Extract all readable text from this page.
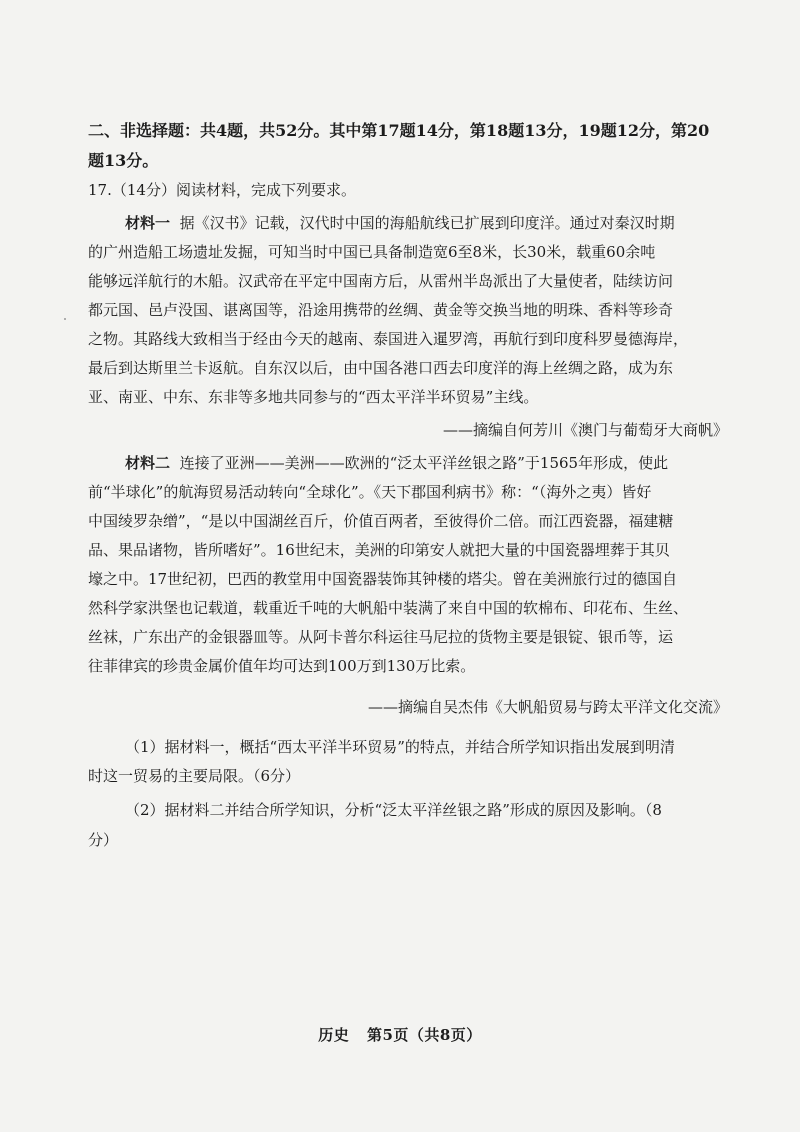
二、非选择题：共4题，共52分。其中第17题14分，第18题13分，19题12分，第20
题13分。
17.（14分）阅读材料，完成下列要求。
材料一 据《汉书》记载，汉代时中国的海船航线已扩展到印度洋。通过对秦汉时期
的广州造船工场遗址发掘，可知当时中国已具备制造宽6至8米，长30米，载重60余吨
能够远洋航行的木船。汉武帝在平定中国南方后，从雷州半岛派出了大量使者，陆续访问
都元国、邑卢没国、谌离国等，沿途用携带的丝绸、黄金等交换当地的明珠、香料等珍奇
之物。其路线大致相当于经由今天的越南、泰国进入暹罗湾，再航行到印度科罗曼德海岸，
最后到达斯里兰卡返航。自东汉以后，由中国各港口西去印度洋的海上丝绸之路，成为东
亚、南亚、中东、东非等多地共同参与的“西太平洋半环贸易”主线。
——摘编自何芳川《澳门与葡萄牙大商帆》
材料二 连接了亚洲——美洲——欧洲的“泛太平洋丝银之路”于1565年形成，使此
前“半球化”的航海贸易活动转向“全球化”。《天下郡国利病书》称：“（海外之夷）皆好
中国绫罗杂缯”，“是以中国湖丝百斤，价值百两者，至彼得价二倍。而江西瓷器，福建糖
品、果品诸物，皆所嗜好”。16世纪末，美洲的印第安人就把大量的中国瓷器埋葬于其贝
壕之中。17世纪初，巴西的教堂用中国瓷器装饰其钟楼的塔尖。曾在美洲旅行过的德国自
然科学家洪堡也记载道，载重近千吨的大帆船中装满了来自中国的软棉布、印花布、生丝、
丝袜，广东出产的金银器皿等。从阿卡普尔科运往马尼拉的货物主要是银锭、银币等，运
往菲律宾的珍贵金属价值年均可达到100万到130万比索。
——摘编自吴杰伟《大帆船贸易与跨太平洋文化交流》
（1）据材料一，概括“西太平洋半环贸易”的特点，并结合所学知识指出发展到明清
时这一贸易的主要局限。（6分）
（2）据材料二并结合所学知识，分析“泛太平洋丝银之路”形成的原因及影响。（8
分）
历史 第5页（共8页）
